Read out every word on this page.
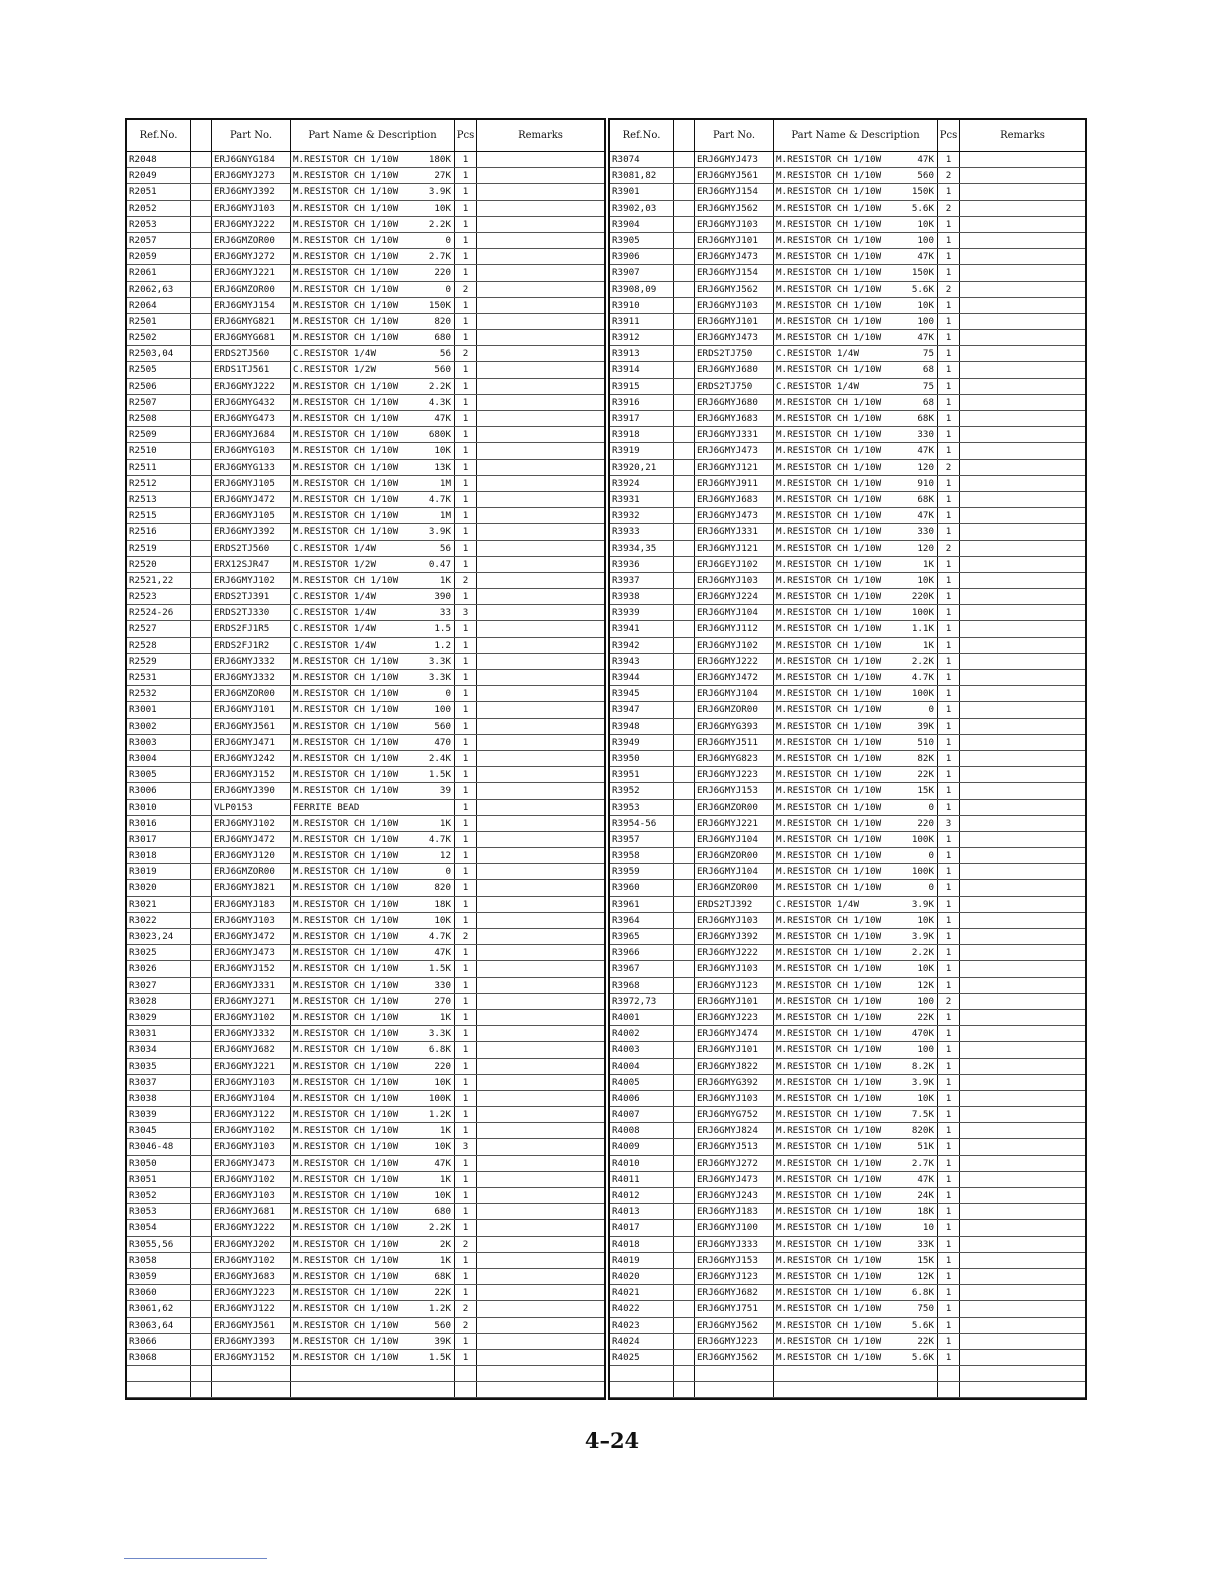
Ref.No.	Part No.	Part Name & Description	Pcs	Remarks
R2048	ERJ6GNYG184	M.RESISTOR CH 1/10W	180K	1
R2049	ERJ6GMYJ273	M.RESISTOR CH 1/10W	27K	1
R2051	ERJ6GMYJ392	M.RESISTOR CH 1/10W	3.9K	1
R2052	ERJ6GMYJ103	M.RESISTOR CH 1/10W	10K	1
R2053	ERJ6GMYJ222	M.RESISTOR CH 1/10W	2.2K	1
R2057	ERJ6GMZOR00	M.RESISTOR CH 1/10W	0	1
R2059	ERJ6GMYJ272	M.RESISTOR CH 1/10W	2.7K	1
R2061	ERJ6GMYJ221	M.RESISTOR CH 1/10W	220	1
R2062,63	ERJ6GMZOR00	M.RESISTOR CH 1/10W	0	2
R2064	ERJ6GMYJ154	M.RESISTOR CH 1/10W	150K	1
R2501	ERJ6GMYG821	M.RESISTOR CH 1/10W	820	1
R2502	ERJ6GMYG681	M.RESISTOR CH 1/10W	680	1
R2503,04	ERDS2TJ560	C.RESISTOR 1/4W	56	2
R2505	ERDS1TJ561	C.RESISTOR 1/2W	560	1
R2506	ERJ6GMYJ222	M.RESISTOR CH 1/10W	2.2K	1
R2507	ERJ6GMYG432	M.RESISTOR CH 1/10W	4.3K	1
R2508	ERJ6GMYG473	M.RESISTOR CH 1/10W	47K	1
R2509	ERJ6GMYJ684	M.RESISTOR CH 1/10W	680K	1
R2510	ERJ6GMYG103	M.RESISTOR CH 1/10W	10K	1
R2511	ERJ6GMYG133	M.RESISTOR CH 1/10W	13K	1
R2512	ERJ6GMYJ105	M.RESISTOR CH 1/10W	1M	1
R2513	ERJ6GMYJ472	M.RESISTOR CH 1/10W	4.7K	1
R2515	ERJ6GMYJ105	M.RESISTOR CH 1/10W	1M	1
R2516	ERJ6GMYJ392	M.RESISTOR CH 1/10W	3.9K	1
R2519	ERDS2TJ560	C.RESISTOR 1/4W	56	1
R2520	ERX12SJR47	M.RESISTOR 1/2W	0.47	1
R2521,22	ERJ6GMYJ102	M.RESISTOR CH 1/10W	1K	2
R2523	ERDS2TJ391	C.RESISTOR 1/4W	390	1
R2524-26	ERDS2TJ330	C.RESISTOR 1/4W	33	3
R2527	ERDS2FJ1R5	C.RESISTOR 1/4W	1.5	1
R2528	ERDS2FJ1R2	C.RESISTOR 1/4W	1.2	1
R2529	ERJ6GMYJ332	M.RESISTOR CH 1/10W	3.3K	1
R2531	ERJ6GMYJ332	M.RESISTOR CH 1/10W	3.3K	1
R2532	ERJ6GMZOR00	M.RESISTOR CH 1/10W	0	1
R3001	ERJ6GMYJ101	M.RESISTOR CH 1/10W	100	1
R3002	ERJ6GMYJ561	M.RESISTOR CH 1/10W	560	1
R3003	ERJ6GMYJ471	M.RESISTOR CH 1/10W	470	1
R3004	ERJ6GMYJ242	M.RESISTOR CH 1/10W	2.4K	1
R3005	ERJ6GMYJ152	M.RESISTOR CH 1/10W	1.5K	1
R3006	ERJ6GMYJ390	M.RESISTOR CH 1/10W	39	1
R3010	VLP0153	FERRITE BEAD	1
R3016	ERJ6GMYJ102	M.RESISTOR CH 1/10W	1K	1
R3017	ERJ6GMYJ472	M.RESISTOR CH 1/10W	4.7K	1
R3018	ERJ6GMYJ120	M.RESISTOR CH 1/10W	12	1
R3019	ERJ6GMZOR00	M.RESISTOR CH 1/10W	0	1
R3020	ERJ6GMYJ821	M.RESISTOR CH 1/10W	820	1
R3021	ERJ6GMYJ183	M.RESISTOR CH 1/10W	18K	1
R3022	ERJ6GMYJ103	M.RESISTOR CH 1/10W	10K	1
R3023,24	ERJ6GMYJ472	M.RESISTOR CH 1/10W	4.7K	2
R3025	ERJ6GMYJ473	M.RESISTOR CH 1/10W	47K	1
R3026	ERJ6GMYJ152	M.RESISTOR CH 1/10W	1.5K	1
R3027	ERJ6GMYJ331	M.RESISTOR CH 1/10W	330	1
R3028	ERJ6GMYJ271	M.RESISTOR CH 1/10W	270	1
R3029	ERJ6GMYJ102	M.RESISTOR CH 1/10W	1K	1
R3031	ERJ6GMYJ332	M.RESISTOR CH 1/10W	3.3K	1
R3034	ERJ6GMYJ682	M.RESISTOR CH 1/10W	6.8K	1
R3035	ERJ6GMYJ221	M.RESISTOR CH 1/10W	220	1
R3037	ERJ6GMYJ103	M.RESISTOR CH 1/10W	10K	1
R3038	ERJ6GMYJ104	M.RESISTOR CH 1/10W	100K	1
R3039	ERJ6GMYJ122	M.RESISTOR CH 1/10W	1.2K	1
R3045	ERJ6GMYJ102	M.RESISTOR CH 1/10W	1K	1
R3046-48	ERJ6GMYJ103	M.RESISTOR CH 1/10W	10K	3
R3050	ERJ6GMYJ473	M.RESISTOR CH 1/10W	47K	1
R3051	ERJ6GMYJ102	M.RESISTOR CH 1/10W	1K	1
R3052	ERJ6GMYJ103	M.RESISTOR CH 1/10W	10K	1
R3053	ERJ6GMYJ681	M.RESISTOR CH 1/10W	680	1
R3054	ERJ6GMYJ222	M.RESISTOR CH 1/10W	2.2K	1
R3055,56	ERJ6GMYJ202	M.RESISTOR CH 1/10W	2K	2
R3058	ERJ6GMYJ102	M.RESISTOR CH 1/10W	1K	1
R3059	ERJ6GMYJ683	M.RESISTOR CH 1/10W	68K	1
R3060	ERJ6GMYJ223	M.RESISTOR CH 1/10W	22K	1
R3061,62	ERJ6GMYJ122	M.RESISTOR CH 1/10W	1.2K	2
R3063,64	ERJ6GMYJ561	M.RESISTOR CH 1/10W	560	2
R3066	ERJ6GMYJ393	M.RESISTOR CH 1/10W	39K	1
R3068	ERJ6GMYJ152	M.RESISTOR CH 1/10W	1.5K	1
Ref.No.	Part No.	Part Name & Description	Pcs	Remarks
R3074	ERJ6GMYJ473	M.RESISTOR CH 1/10W	47K	1
R3081,82	ERJ6GMYJ561	M.RESISTOR CH 1/10W	560	2
R3901	ERJ6GMYJ154	M.RESISTOR CH 1/10W	150K	1
R3902,03	ERJ6GMYJ562	M.RESISTOR CH 1/10W	5.6K	2
R3904	ERJ6GMYJ103	M.RESISTOR CH 1/10W	10K	1
R3905	ERJ6GMYJ101	M.RESISTOR CH 1/10W	100	1
R3906	ERJ6GMYJ473	M.RESISTOR CH 1/10W	47K	1
R3907	ERJ6GMYJ154	M.RESISTOR CH 1/10W	150K	1
R3908,09	ERJ6GMYJ562	M.RESISTOR CH 1/10W	5.6K	2
R3910	ERJ6GMYJ103	M.RESISTOR CH 1/10W	10K	1
R3911	ERJ6GMYJ101	M.RESISTOR CH 1/10W	100	1
R3912	ERJ6GMYJ473	M.RESISTOR CH 1/10W	47K	1
R3913	ERDS2TJ750	C.RESISTOR 1/4W	75	1
R3914	ERJ6GMYJ680	M.RESISTOR CH 1/10W	68	1
R3915	ERDS2TJ750	C.RESISTOR 1/4W	75	1
R3916	ERJ6GMYJ680	M.RESISTOR CH 1/10W	68	1
R3917	ERJ6GMYJ683	M.RESISTOR CH 1/10W	68K	1
R3918	ERJ6GMYJ331	M.RESISTOR CH 1/10W	330	1
R3919	ERJ6GMYJ473	M.RESISTOR CH 1/10W	47K	1
R3920,21	ERJ6GMYJ121	M.RESISTOR CH 1/10W	120	2
R3924	ERJ6GMYJ911	M.RESISTOR CH 1/10W	910	1
R3931	ERJ6GMYJ683	M.RESISTOR CH 1/10W	68K	1
R3932	ERJ6GMYJ473	M.RESISTOR CH 1/10W	47K	1
R3933	ERJ6GMYJ331	M.RESISTOR CH 1/10W	330	1
R3934,35	ERJ6GMYJ121	M.RESISTOR CH 1/10W	120	2
R3936	ERJ6GEYJ102	M.RESISTOR CH 1/10W	1K	1
R3937	ERJ6GMYJ103	M.RESISTOR CH 1/10W	10K	1
R3938	ERJ6GMYJ224	M.RESISTOR CH 1/10W	220K	1
R3939	ERJ6GMYJ104	M.RESISTOR CH 1/10W	100K	1
R3941	ERJ6GMYJ112	M.RESISTOR CH 1/10W	1.1K	1
R3942	ERJ6GMYJ102	M.RESISTOR CH 1/10W	1K	1
R3943	ERJ6GMYJ222	M.RESISTOR CH 1/10W	2.2K	1
R3944	ERJ6GMYJ472	M.RESISTOR CH 1/10W	4.7K	1
R3945	ERJ6GMYJ104	M.RESISTOR CH 1/10W	100K	1
R3947	ERJ6GMZOR00	M.RESISTOR CH 1/10W	0	1
R3948	ERJ6GMYG393	M.RESISTOR CH 1/10W	39K	1
R3949	ERJ6GMYJ511	M.RESISTOR CH 1/10W	510	1
R3950	ERJ6GMYG823	M.RESISTOR CH 1/10W	82K	1
R3951	ERJ6GMYJ223	M.RESISTOR CH 1/10W	22K	1
R3952	ERJ6GMYJ153	M.RESISTOR CH 1/10W	15K	1
R3953	ERJ6GMZOR00	M.RESISTOR CH 1/10W	0	1
R3954-56	ERJ6GMYJ221	M.RESISTOR CH 1/10W	220	3
R3957	ERJ6GMYJ104	M.RESISTOR CH 1/10W	100K	1
R3958	ERJ6GMZOR00	M.RESISTOR CH 1/10W	0	1
R3959	ERJ6GMYJ104	M.RESISTOR CH 1/10W	100K	1
R3960	ERJ6GMZOR00	M.RESISTOR CH 1/10W	0	1
R3961	ERDS2TJ392	C.RESISTOR 1/4W	3.9K	1
R3964	ERJ6GMYJ103	M.RESISTOR CH 1/10W	10K	1
R3965	ERJ6GMYJ392	M.RESISTOR CH 1/10W	3.9K	1
R3966	ERJ6GMYJ222	M.RESISTOR CH 1/10W	2.2K	1
R3967	ERJ6GMYJ103	M.RESISTOR CH 1/10W	10K	1
R3968	ERJ6GMYJ123	M.RESISTOR CH 1/10W	12K	1
R3972,73	ERJ6GMYJ101	M.RESISTOR CH 1/10W	100	2
R4001	ERJ6GMYJ223	M.RESISTOR CH 1/10W	22K	1
R4002	ERJ6GMYJ474	M.RESISTOR CH 1/10W	470K	1
R4003	ERJ6GMYJ101	M.RESISTOR CH 1/10W	100	1
R4004	ERJ6GMYJ822	M.RESISTOR CH 1/10W	8.2K	1
R4005	ERJ6GMYG392	M.RESISTOR CH 1/10W	3.9K	1
R4006	ERJ6GMYJ103	M.RESISTOR CH 1/10W	10K	1
R4007	ERJ6GMYG752	M.RESISTOR CH 1/10W	7.5K	1
R4008	ERJ6GMYJ824	M.RESISTOR CH 1/10W	820K	1
R4009	ERJ6GMYJ513	M.RESISTOR CH 1/10W	51K	1
R4010	ERJ6GMYJ272	M.RESISTOR CH 1/10W	2.7K	1
R4011	ERJ6GMYJ473	M.RESISTOR CH 1/10W	47K	1
R4012	ERJ6GMYJ243	M.RESISTOR CH 1/10W	24K	1
R4013	ERJ6GMYJ183	M.RESISTOR CH 1/10W	18K	1
R4017	ERJ6GMYJ100	M.RESISTOR CH 1/10W	10	1
R4018	ERJ6GMYJ333	M.RESISTOR CH 1/10W	33K	1
R4019	ERJ6GMYJ153	M.RESISTOR CH 1/10W	15K	1
R4020	ERJ6GMYJ123	M.RESISTOR CH 1/10W	12K	1
R4021	ERJ6GMYJ682	M.RESISTOR CH 1/10W	6.8K	1
R4022	ERJ6GMYJ751	M.RESISTOR CH 1/10W	750	1
R4023	ERJ6GMYJ562	M.RESISTOR CH 1/10W	5.6K	1
R4024	ERJ6GMYJ223	M.RESISTOR CH 1/10W	22K	1
R4025	ERJ6GMYJ562	M.RESISTOR CH 1/10W	5.6K	1
4–24
